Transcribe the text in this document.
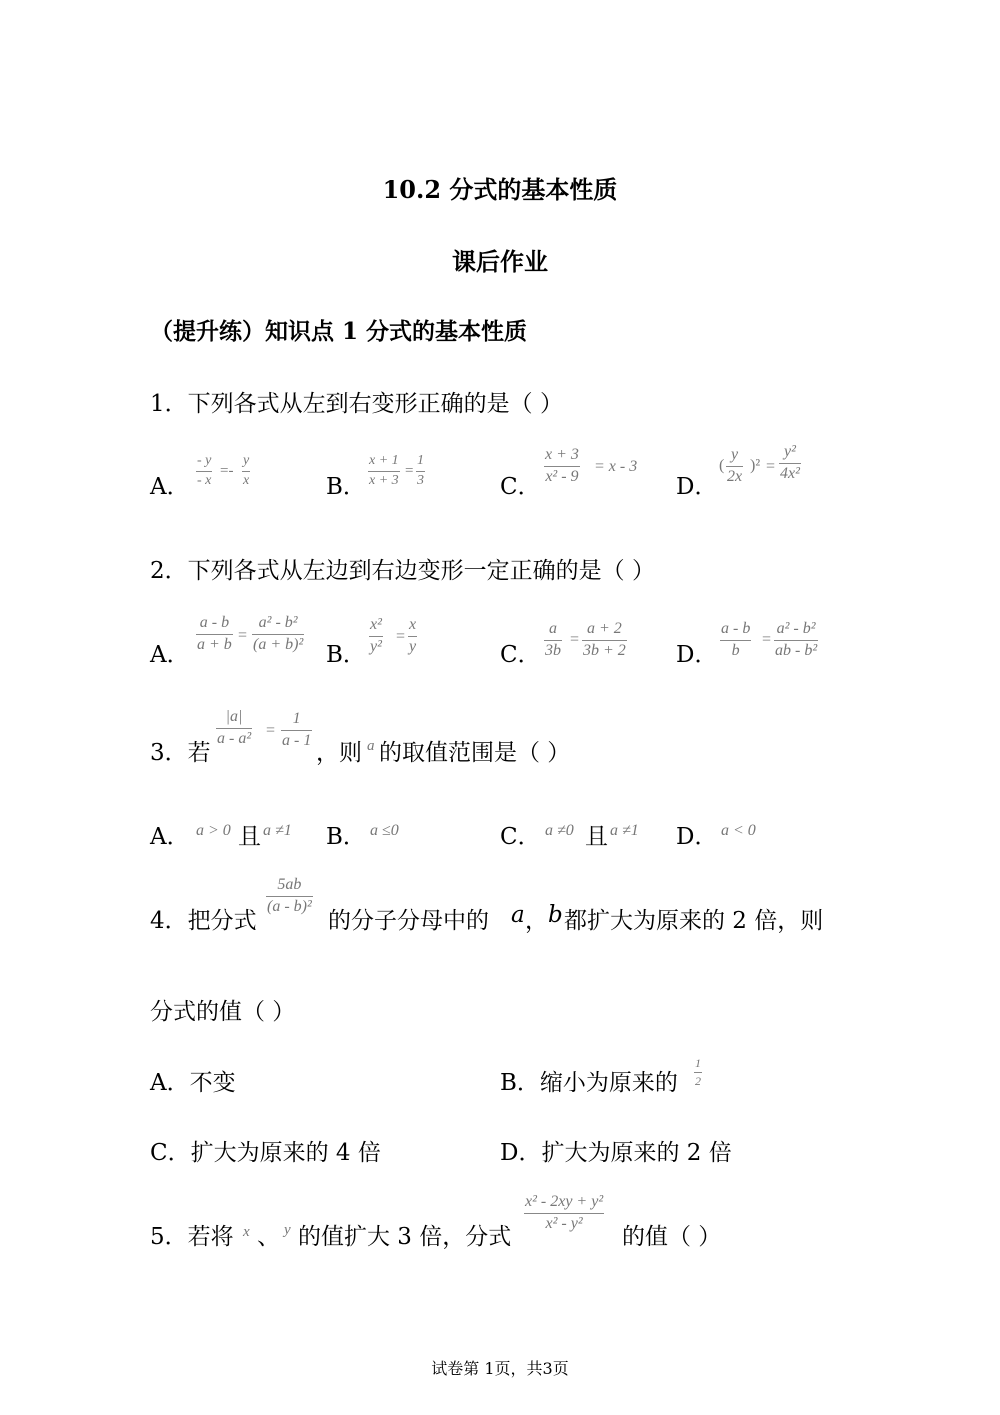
10.2 分式的基本性质
课后作业
（提升练）知识点 1 分式的基本性质
1．下列各式从左到右变形正确的是（ ）
A．
- y
- x
=-
y
x	B．
x + 1
x + 3
=
1
3	C．
x + 3
x² - 9
= x - 3
D．
(
y
2x
)² =
y²
4x²
2．下列各式从左边到右边变形一定正确的是（ ）
A．
a - b
a + b
=
a² - b²
(a + b)² B．
x²
y²
=
x
y	C．
a
3b
=
a + 2
3b + 2 D．
a - b
b
=
a² - b²
ab - b²
3．若
|a|
a - a² =
1
a - 1 ，则 a 的取值范围是（ ）
A． a > 0 且 a ≠1 B． a ≤0	C． a ≠0 且 a ≠1 D． a < 0
4．把分式
5ab
(a - b)²
的分子分母中的 a ， b 都扩大为原来的 2 倍，则
分式的值（ ）
A．不变	B．缩小为原来的
1
2
C．扩大为原来的 4 倍	D．扩大为原来的 2 倍
5．若将 x 、 y 的值扩大 3 倍，分式
x² - 2xy + y²
x² - y²
的值（ ）
试卷第 1页，共3页
